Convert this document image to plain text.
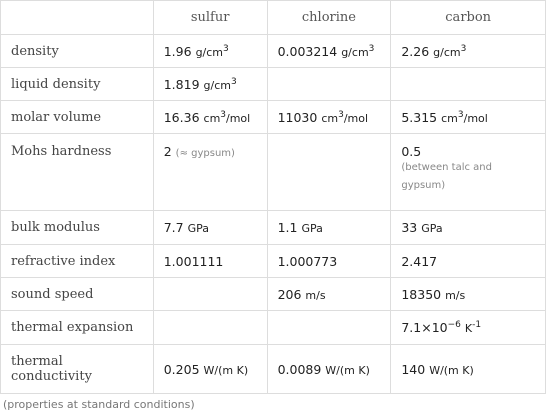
	sulfur	chlorine	carbon
density	1.96 $g/cm^3$	0.003214 $g/cm^3$	2.26 $g/cm^3$
liquid density	1.819 $g/cm^3$		
molar volume	16.36 $cm^3$/mol	11030 $cm^3$/mol	5.315 $cm^3$/mol
Mohs hardness	2 (≈ gypsum)		0.5
(between talc and gypsum)

bulk modulus	7.7 GPa	1.1 GPa	33 GPa
refractive index	1.001111	1.000773	2.417
sound speed		206 m/s	18350 m/s
thermal expansion			$7.1\times 10^{-6}$ $K^{-1}$
thermal conductivity	0.205 W/(m K)	0.0089 W/(m K)	140 W/(m K)
(properties at standard conditions)
